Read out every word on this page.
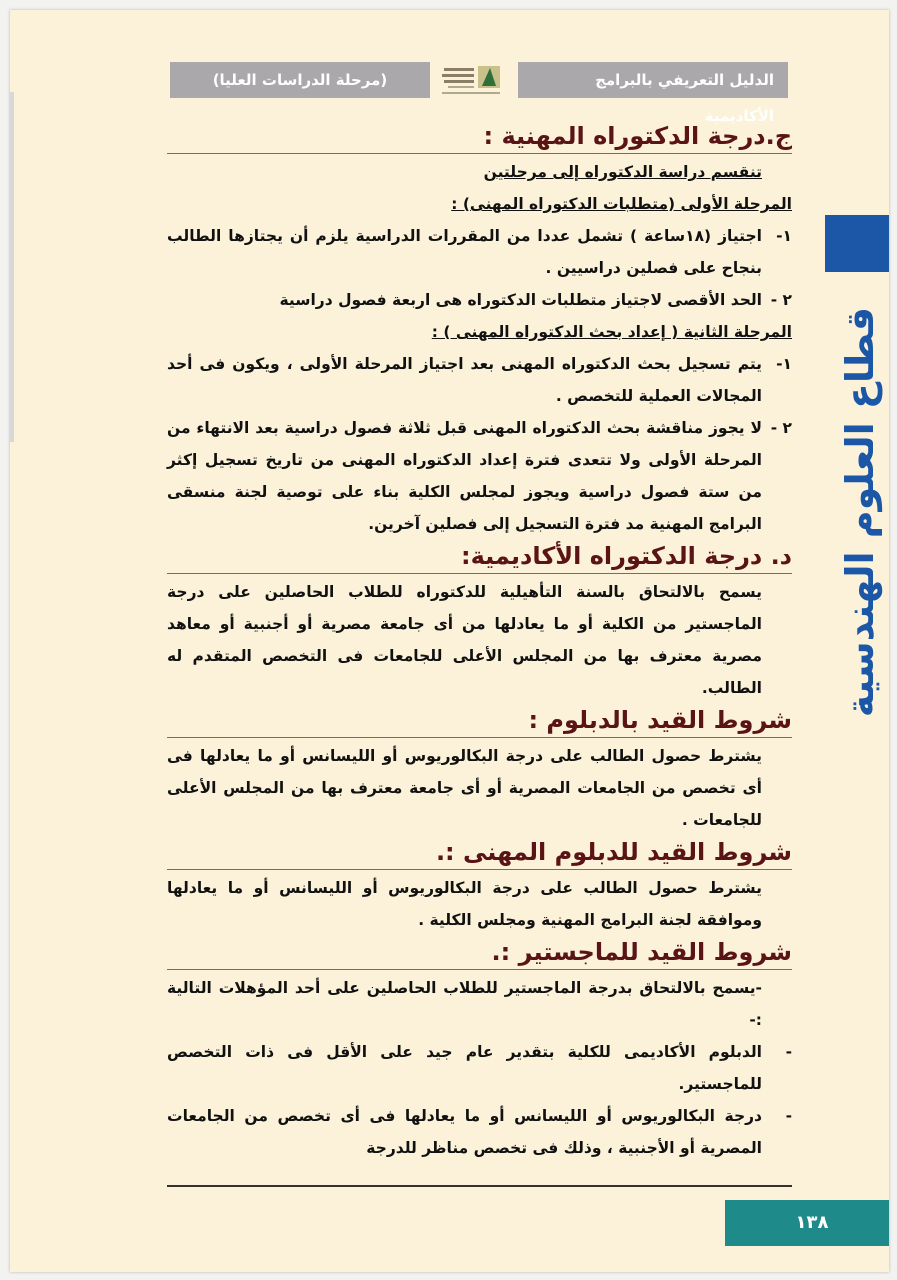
الدليل التعريفي بالبرامج الأكاديمية
(مرحلة الدراسات العليا)
قطاع العلوم الهندسية
ج.درجة الدكتوراه المهنية :

تنقسم دراسة الدكتوراه إلى مرحلتين

المرحلة الأولى (متطلبات الدكتوراه المهنى) :

١-
اجتياز (١٨ساعة ) تشمل عددا من المقررات الدراسية يلزم أن يجتازها الطالب بنجاح على فصلين دراسيين .
٢ -
الحد الأقصى لاجتياز متطلبات الدكتوراه هى اربعة فصول دراسية

المرحلة الثانية ( إعداد بحث الدكتوراه المهنى ) :

١-
يتم تسجيل بحث الدكتوراه المهنى بعد اجتياز المرحلة الأولى ، ويكون فى أحد المجالات العملية للتخصص .
٢ -
لا يجوز مناقشة بحث الدكتوراه المهنى قبل ثلاثة فصول دراسية بعد الانتهاء من المرحلة الأولى ولا تتعدى فترة إعداد الدكتوراه المهنى من تاريخ تسجيل إكثر من ستة فصول دراسية ويجوز لمجلس الكلية بناء على توصية لجنة منسقى البرامج المهنية مد فترة التسجيل إلى فصلين آخرين.
د. درجة الدكتوراه الأكاديمية:

يسمح بالالتحاق بالسنة التأهيلية للدكتوراه للطلاب الحاصلين على درجة الماجستير من الكلية أو ما يعادلها من أى جامعة مصرية أو أجنبية أو معاهد مصرية معترف بها من المجلس الأعلى للجامعات فى التخصص المتقدم له الطالب.

شروط القيد بالدبلوم :

يشترط حصول الطالب على درجة البكالوريوس أو الليسانس أو ما يعادلها فى أى تخصص من الجامعات المصرية أو أى جامعة معترف بها من المجلس الأعلى للجامعات .

شروط القيد للدبلوم المهنى :.

يشترط حصول الطالب على درجة البكالوريوس أو الليسانس أو ما يعادلها وموافقة لجنة البرامج المهنية ومجلس الكلية .

شروط القيد للماجستير :.

-يسمح بالالتحاق بدرجة الماجستير للطلاب الحاصلين على أحد المؤهلات التالية :-

-
الدبلوم الأكاديمى للكلية بتقدير عام جيد على الأقل فى ذات التخصص للماجستير.
-
درجة البكالوريوس أو الليسانس أو ما يعادلها فى أى تخصص من الجامعات المصرية أو الأجنبية ، وذلك فى تخصص مناظر للدرجة
١٣٨
